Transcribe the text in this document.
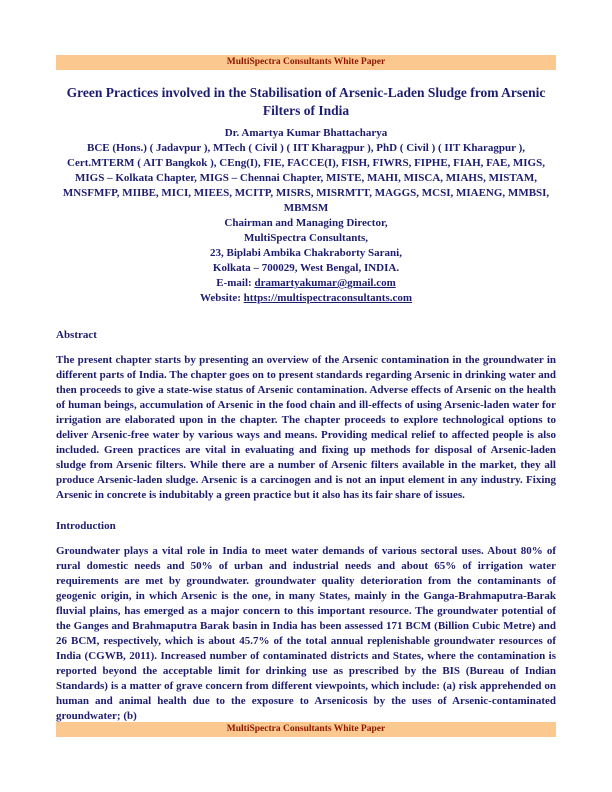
MultiSpectra Consultants White Paper
Green Practices involved in the Stabilisation of Arsenic-Laden Sludge from Arsenic Filters of India
Dr. Amartya Kumar Bhattacharya
BCE (Hons.) ( Jadavpur ), MTech ( Civil ) ( IIT Kharagpur ), PhD ( Civil ) ( IIT Kharagpur ), Cert.MTERM ( AIT Bangkok ), CEng(I), FIE, FACCE(I), FISH, FIWRS, FIPHE, FIAH, FAE, MIGS, MIGS – Kolkata Chapter, MIGS – Chennai Chapter, MISTE, MAHI, MISCA, MIAHS, MISTAM, MNSFMFP, MIIBE, MICI, MIEES, MCITP, MISRS, MISRMTT, MAGGS, MCSI, MIAENG, MMBSI, MBMSM
Chairman and Managing Director,
MultiSpectra Consultants,
23, Biplabi Ambika Chakraborty Sarani,
Kolkata – 700029, West Bengal, INDIA.
E-mail: dramartyakumar@gmail.com
Website: https://multispectraconsultants.com
Abstract
The present chapter starts by presenting an overview of the Arsenic contamination in the groundwater in different parts of India. The chapter goes on to present standards regarding Arsenic in drinking water and then proceeds to give a state-wise status of Arsenic contamination. Adverse effects of Arsenic on the health of human beings, accumulation of Arsenic in the food chain and ill-effects of using Arsenic-laden water for irrigation are elaborated upon in the chapter. The chapter proceeds to explore technological options to deliver Arsenic-free water by various ways and means. Providing medical relief to affected people is also included. Green practices are vital in evaluating and fixing up methods for disposal of Arsenic-laden sludge from Arsenic filters. While there are a number of Arsenic filters available in the market, they all produce Arsenic-laden sludge. Arsenic is a carcinogen and is not an input element in any industry. Fixing Arsenic in concrete is indubitably a green practice but it also has its fair share of issues.
Introduction
Groundwater plays a vital role in India to meet water demands of various sectoral uses. About 80% of rural domestic needs and 50% of urban and industrial needs and about 65% of irrigation water requirements are met by groundwater. groundwater quality deterioration from the contaminants of geogenic origin, in which Arsenic is the one, in many States, mainly in the Ganga-Brahmaputra-Barak fluvial plains, has emerged as a major concern to this important resource. The groundwater potential of the Ganges and Brahmaputra Barak basin in India has been assessed 171 BCM (Billion Cubic Metre) and 26 BCM, respectively, which is about 45.7% of the total annual replenishable groundwater resources of India (CGWB, 2011). Increased number of contaminated districts and States, where the contamination is reported beyond the acceptable limit for drinking use as prescribed by the BIS (Bureau of Indian Standards) is a matter of grave concern from different viewpoints, which include: (a) risk apprehended on human and animal health due to the exposure to Arsenicosis by the uses of Arsenic-contaminated groundwater; (b)
MultiSpectra Consultants White Paper
